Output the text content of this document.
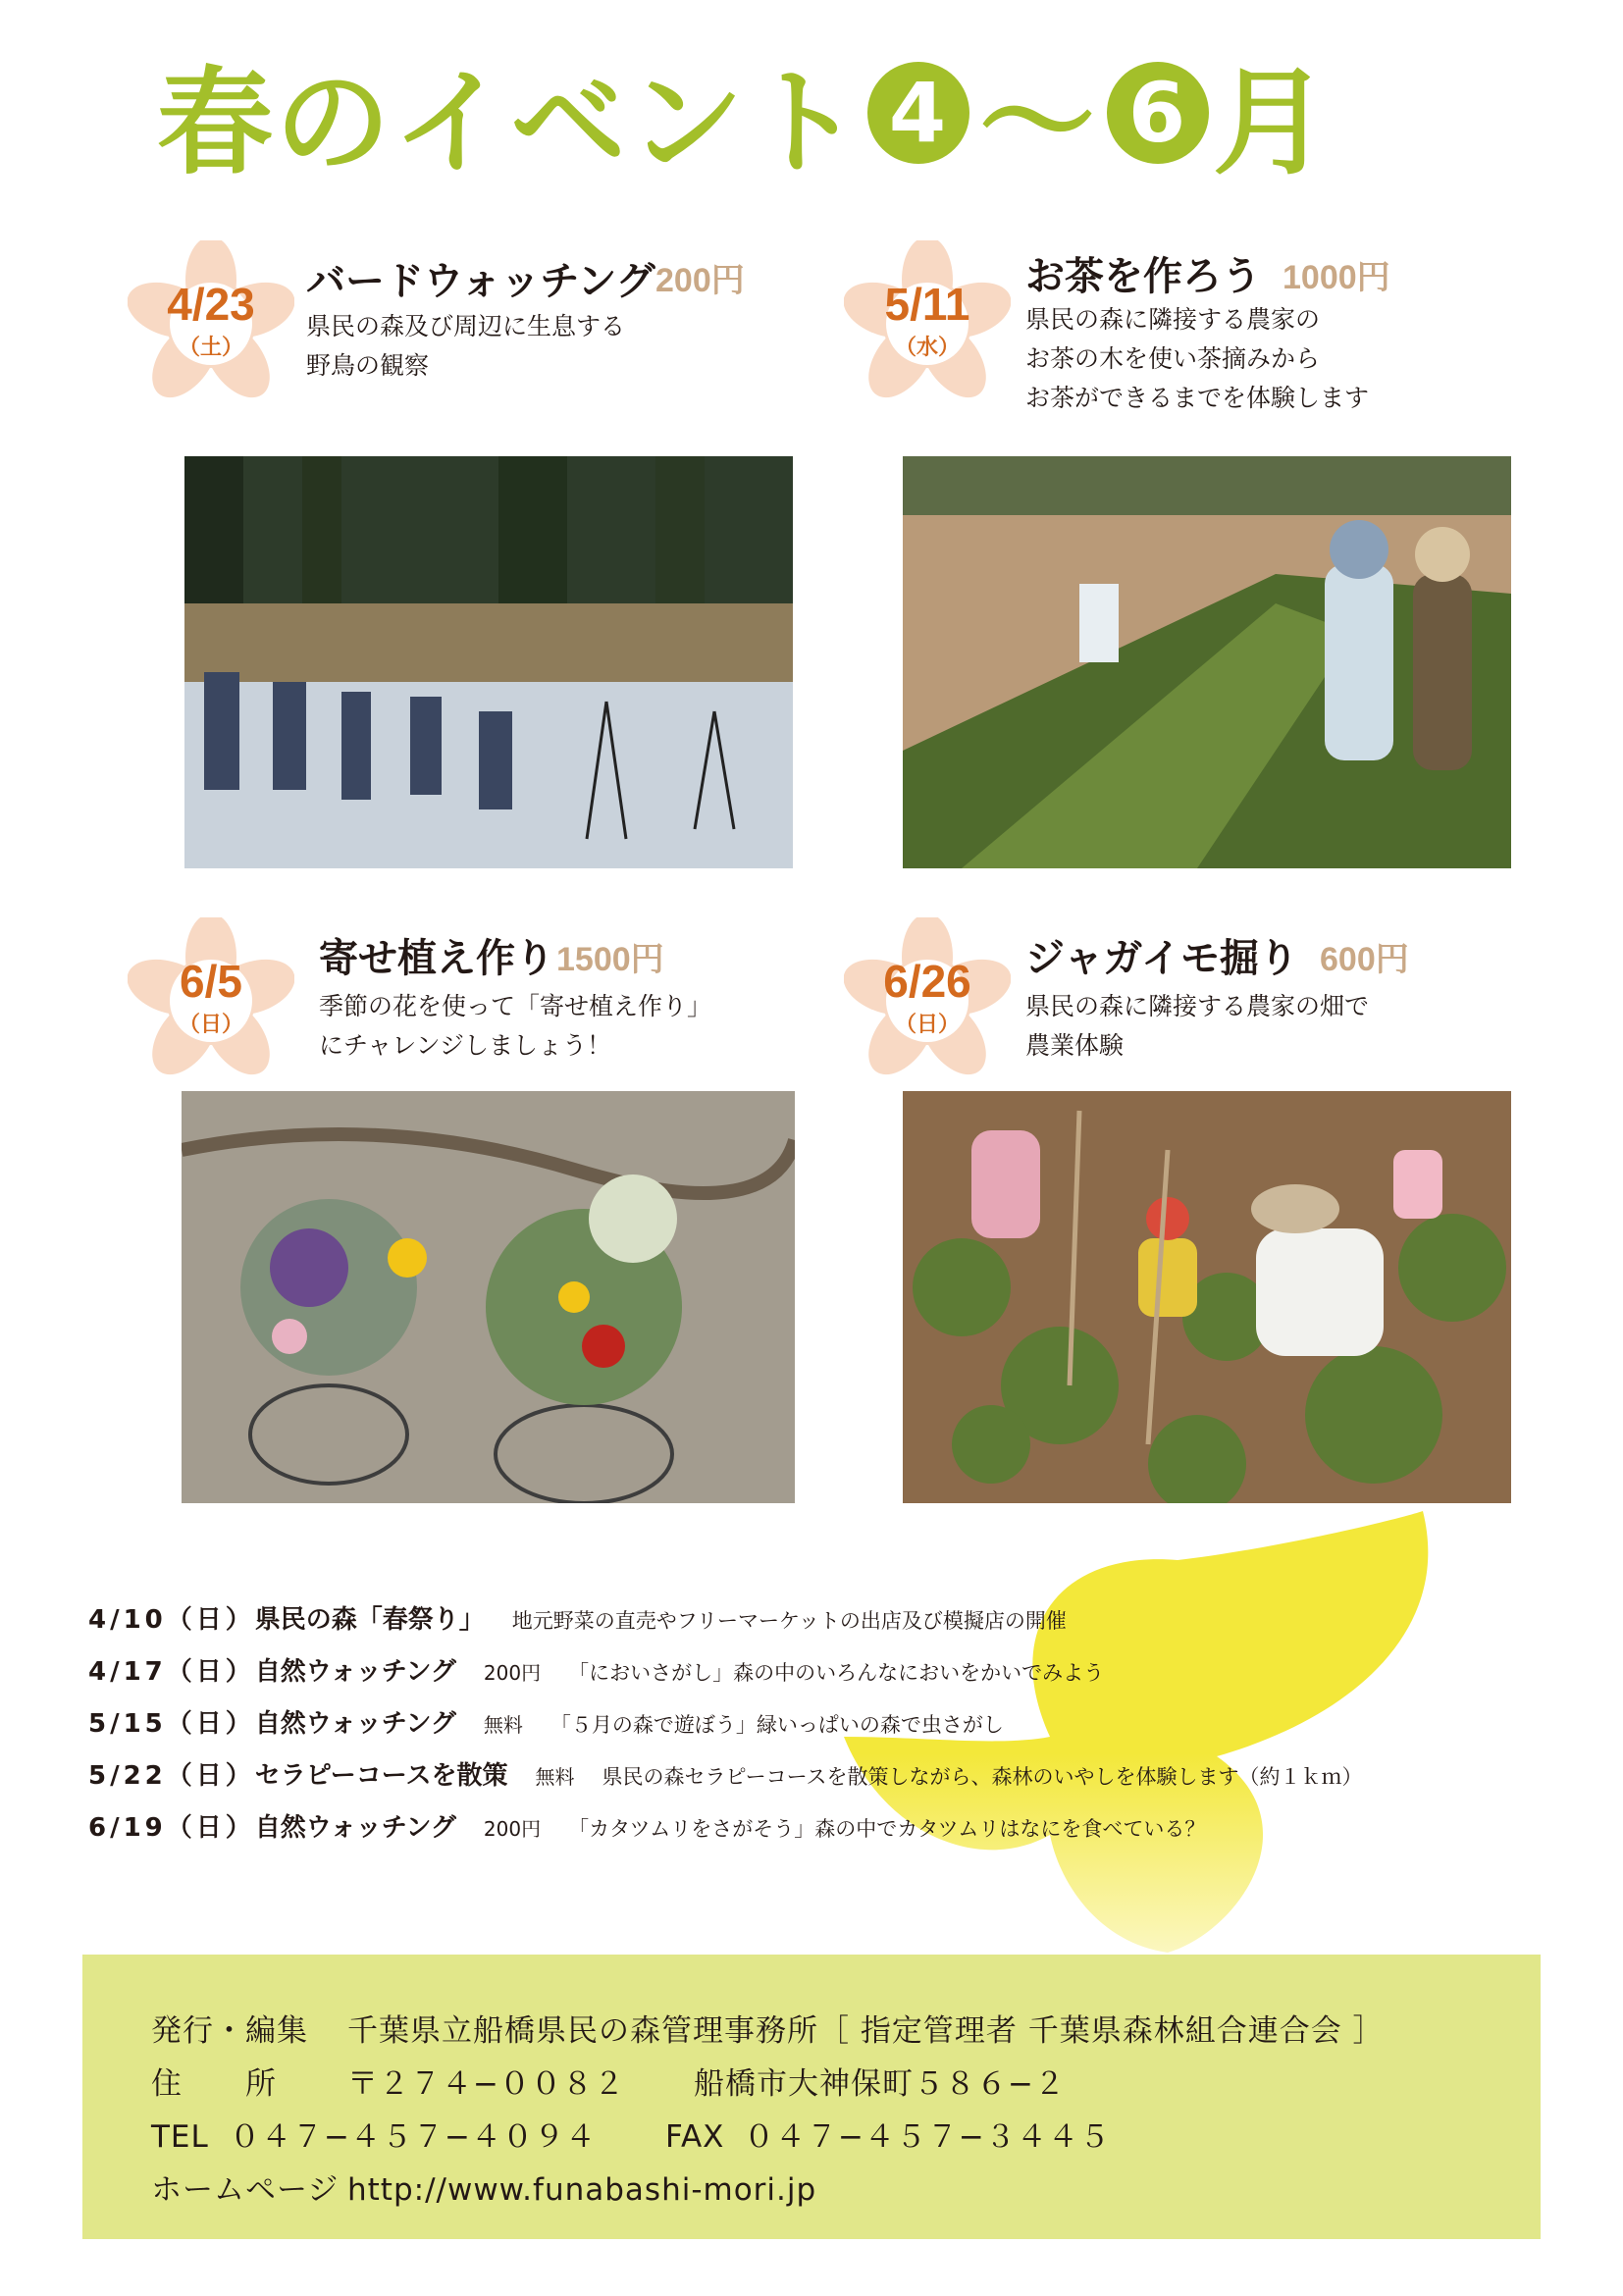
春のイベント 4 〜 6 月
4/23
（土）
バードウォッチング 200円
県民の森及び周辺に生息する
野鳥の観察
5/11
（水）
お茶を作ろう 1000円
県民の森に隣接する農家の
お茶の木を使い茶摘みから
お茶ができるまでを体験します
6/5
（日）
寄せ植え作り 1500円
季節の花を使って「寄せ植え作り」
にチャレンジしましょう！
6/26
（日）
ジャガイモ掘り 600円
県民の森に隣接する農家の畑で
農業体験
4/10（日） 県民の森「春祭り」 地元野菜の直売やフリーマーケットの出店及び模擬店の開催
4/17（日） 自然ウォッチング 200円 「においさがし」森の中のいろんなにおいをかいでみよう
5/15（日） 自然ウォッチング 無料 「５月の森で遊ぼう」緑いっぱいの森で虫さがし
5/22（日） セラピーコースを散策 無料 県民の森セラピーコースを散策しながら、森林のいやしを体験します（約１ｋｍ）
6/19（日） 自然ウォッチング 200円 「カタツムリをさがそう」森の中でカタツムリはなにを食べている？
発行・編集 千葉県立船橋県民の森管理事務所［ 指定管理者 千葉県森林組合連合会 ］
住　　所 〒２７４−００８２ 船橋市大神保町５８６−２
TEL ０４７−４５７−４０９４ FAX ０４７−４５７−３４４５
ホームページ http://www.funabashi-mori.jp
